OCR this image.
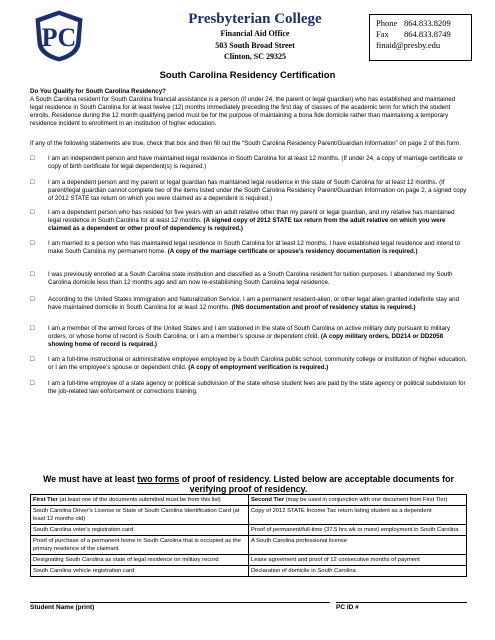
PC
Presbyterian College
Financial Aid Office
503 South Broad Street
Clinton, SC 29325
Phone 864.833.8209
Fax 864.833.8749
finaid@presby.edu
South Carolina Residency Certification
Do You Qualify for South Carolina Residency?
A South Carolina resident for South Carolina financial assistance is a person (if under 24, the parent or legal guardian) who has established and maintained legal residence in South Carolina for at least twelve (12) months immediately preceding the first day of classes of the academic term for which the student enrolls. Residence during the 12 month qualifying period must be for the purpose of maintaining a bona fide domicile rather than maintaining a temporary residence incident to enrollment in an institution of higher education.
If any of the following statements are true, check that box and then fill out the “South Carolina Residency Parent/Guardian Information” on page 2 of this form.
□ I am an independent person and have maintained legal residence in South Carolina for at least 12 months. (If under 24, a copy of marriage certificate or copy of birth certificate for legal dependent(s) is required.)
□ I am a dependent person and my parent or legal guardian has maintained legal residence in the state of South Carolina for at least 12 months. (If parent/legal guardian cannot complete two of the items listed under the South Carolina Residency Parent/Guardian Information on page 2, a signed copy of 2012 STATE tax return on which you were claimed as a dependent is required.)
□ I am a dependent person who has resided for five years with an adult relative other than my parent or legal guardian, and my relative has maintained legal residence in South Carolina for at least 12 months. (A signed copy of 2012 STATE tax return from the adult relative on which you were claimed as a dependent or other proof of dependency is required.)
□ I am married to a person who has maintained legal residence in South Carolina for at least 12 months. I have established legal residence and intend to make South Carolina my permanent home. (A copy of the marriage certificate or spouse’s residency documentation is required.)
□ I was previously enrolled at a South Carolina state institution and classified as a South Carolina resident for tuition purposes. I abandoned my South Carolina domicile less than 12 months ago and am now re-establishing South Carolina legal residence.
□ According to the United States Immigration and Naturalization Service, I am a permanent resident-alien, or other legal alien granted indefinite stay and have maintained domicile in South Carolina for at least 12 months. (INS documentation and proof of residency status is required.)
□ I am a member of the armed forces of the United States and I am stationed in the state of South Carolina on active military duty pursuant to military orders, or whose home of record is South Carolina, or I am a member’s spouse or dependent child. (A copy military orders, DD214 or DD2058 showing home of record is required.)
□ I am a full-time instructional or administrative employee employed by a South Carolina public school, community college or institution of higher education, or I am the employee’s spouse or dependent child. (A copy of employment verification is required.)
□ I am a full-time employee of a state agency or political subdivision of the state whose student fees are paid by the state agency or political subdivision for the job-related law enforcement or corrections training.
We must have at least two forms of proof of residency. Listed below are acceptable documents for verifying proof of residency.
First Tier (at least one of the documents submitted must be from this list)	Second Tier (may be used in conjunction with one document from First Tier)
South Carolina Driver’s License or State of South Carolina Identification Card (at least 12 months old)	Copy of 2012 STATE Income Tax return listing student as a dependent
South Carolina voter’s registration card	Proof of permanent/full-time (37.5 hrs wk or more) employment in South Carolina
Proof of purchase of a permanent home in South Carolina that is occupied as the primary residence of the claimant	A South Carolina professional license
Designating South Carolina as state of legal residence on military record	Lease agreement and proof of 12 consecutive months of payment
South Carolina vehicle registration card	Declaration of domicile in South Carolina
Student Name (print)	PC ID #
